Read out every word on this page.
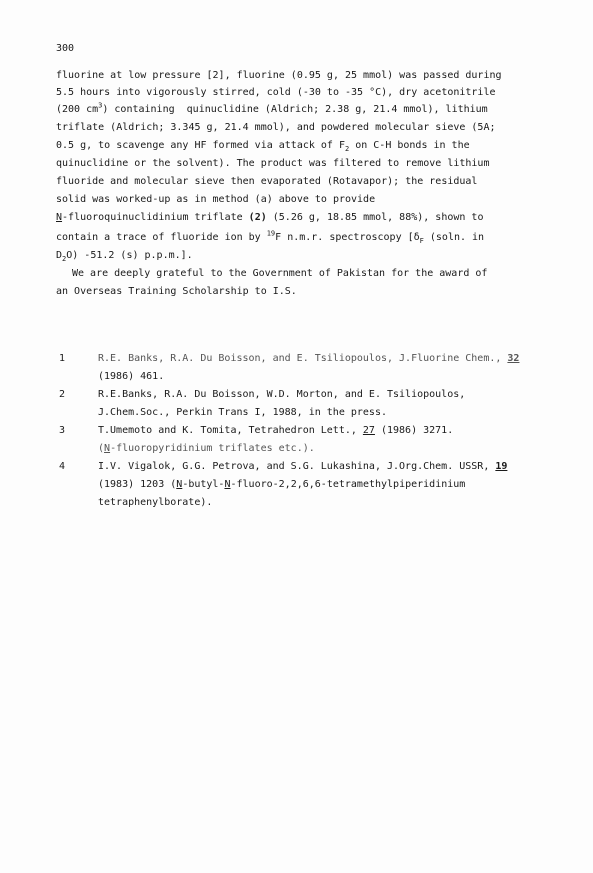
300
fluorine at low pressure [2], fluorine (0.95 g, 25 mmol) was passed during
5.5 hours into vigorously stirred, cold (-30 to -35 °C), dry acetonitrile
(200 $cm^3$) containing  quinuclidine (Aldrich; 2.38 g, 21.4 mmol), lithium
triflate (Aldrich; 3.345 g, 21.4 mmol), and powdered molecular sieve (5A;
0.5 g, to scavenge any HF formed via attack of $F_2$ on C-H bonds in the
quinuclidine or the solvent). The product was filtered to remove lithium
fluoride and molecular sieve then evaporated (Rotavapor); the residual
solid was worked-up as in method (a) above to provide
N-fluoroquinuclidinium triflate (2) (5.26 g, 18.85 mmol, 88%), shown to
contain a trace of fluoride ion by $^{19}$F n.m.r. spectroscopy [$\delta_F$ (soln. in
$D_2O$) -51.2 (s) p.p.m.].
We are deeply grateful to the Government of Pakistan for the award of
an Overseas Training Scholarship to I.S.
1	R.E. Banks, R.A. Du Boisson, and E. Tsiliopoulos, J.Fluorine Chem., 32
(1986) 461.
2	R.E.Banks, R.A. Du Boisson, W.D. Morton, and E. Tsiliopoulos,
J.Chem.Soc., Perkin Trans I, 1988, in the press.
3	T.Umemoto and K. Tomita, Tetrahedron Lett., 27 (1986) 3271.
(N-fluoropyridinium triflates etc.).
4	I.V. Vigalok, G.G. Petrova, and S.G. Lukashina, J.Org.Chem. USSR, 19
(1983) 1203 (N-butyl-N-fluoro-2,2,6,6-tetramethylpiperidinium
tetraphenylborate).
